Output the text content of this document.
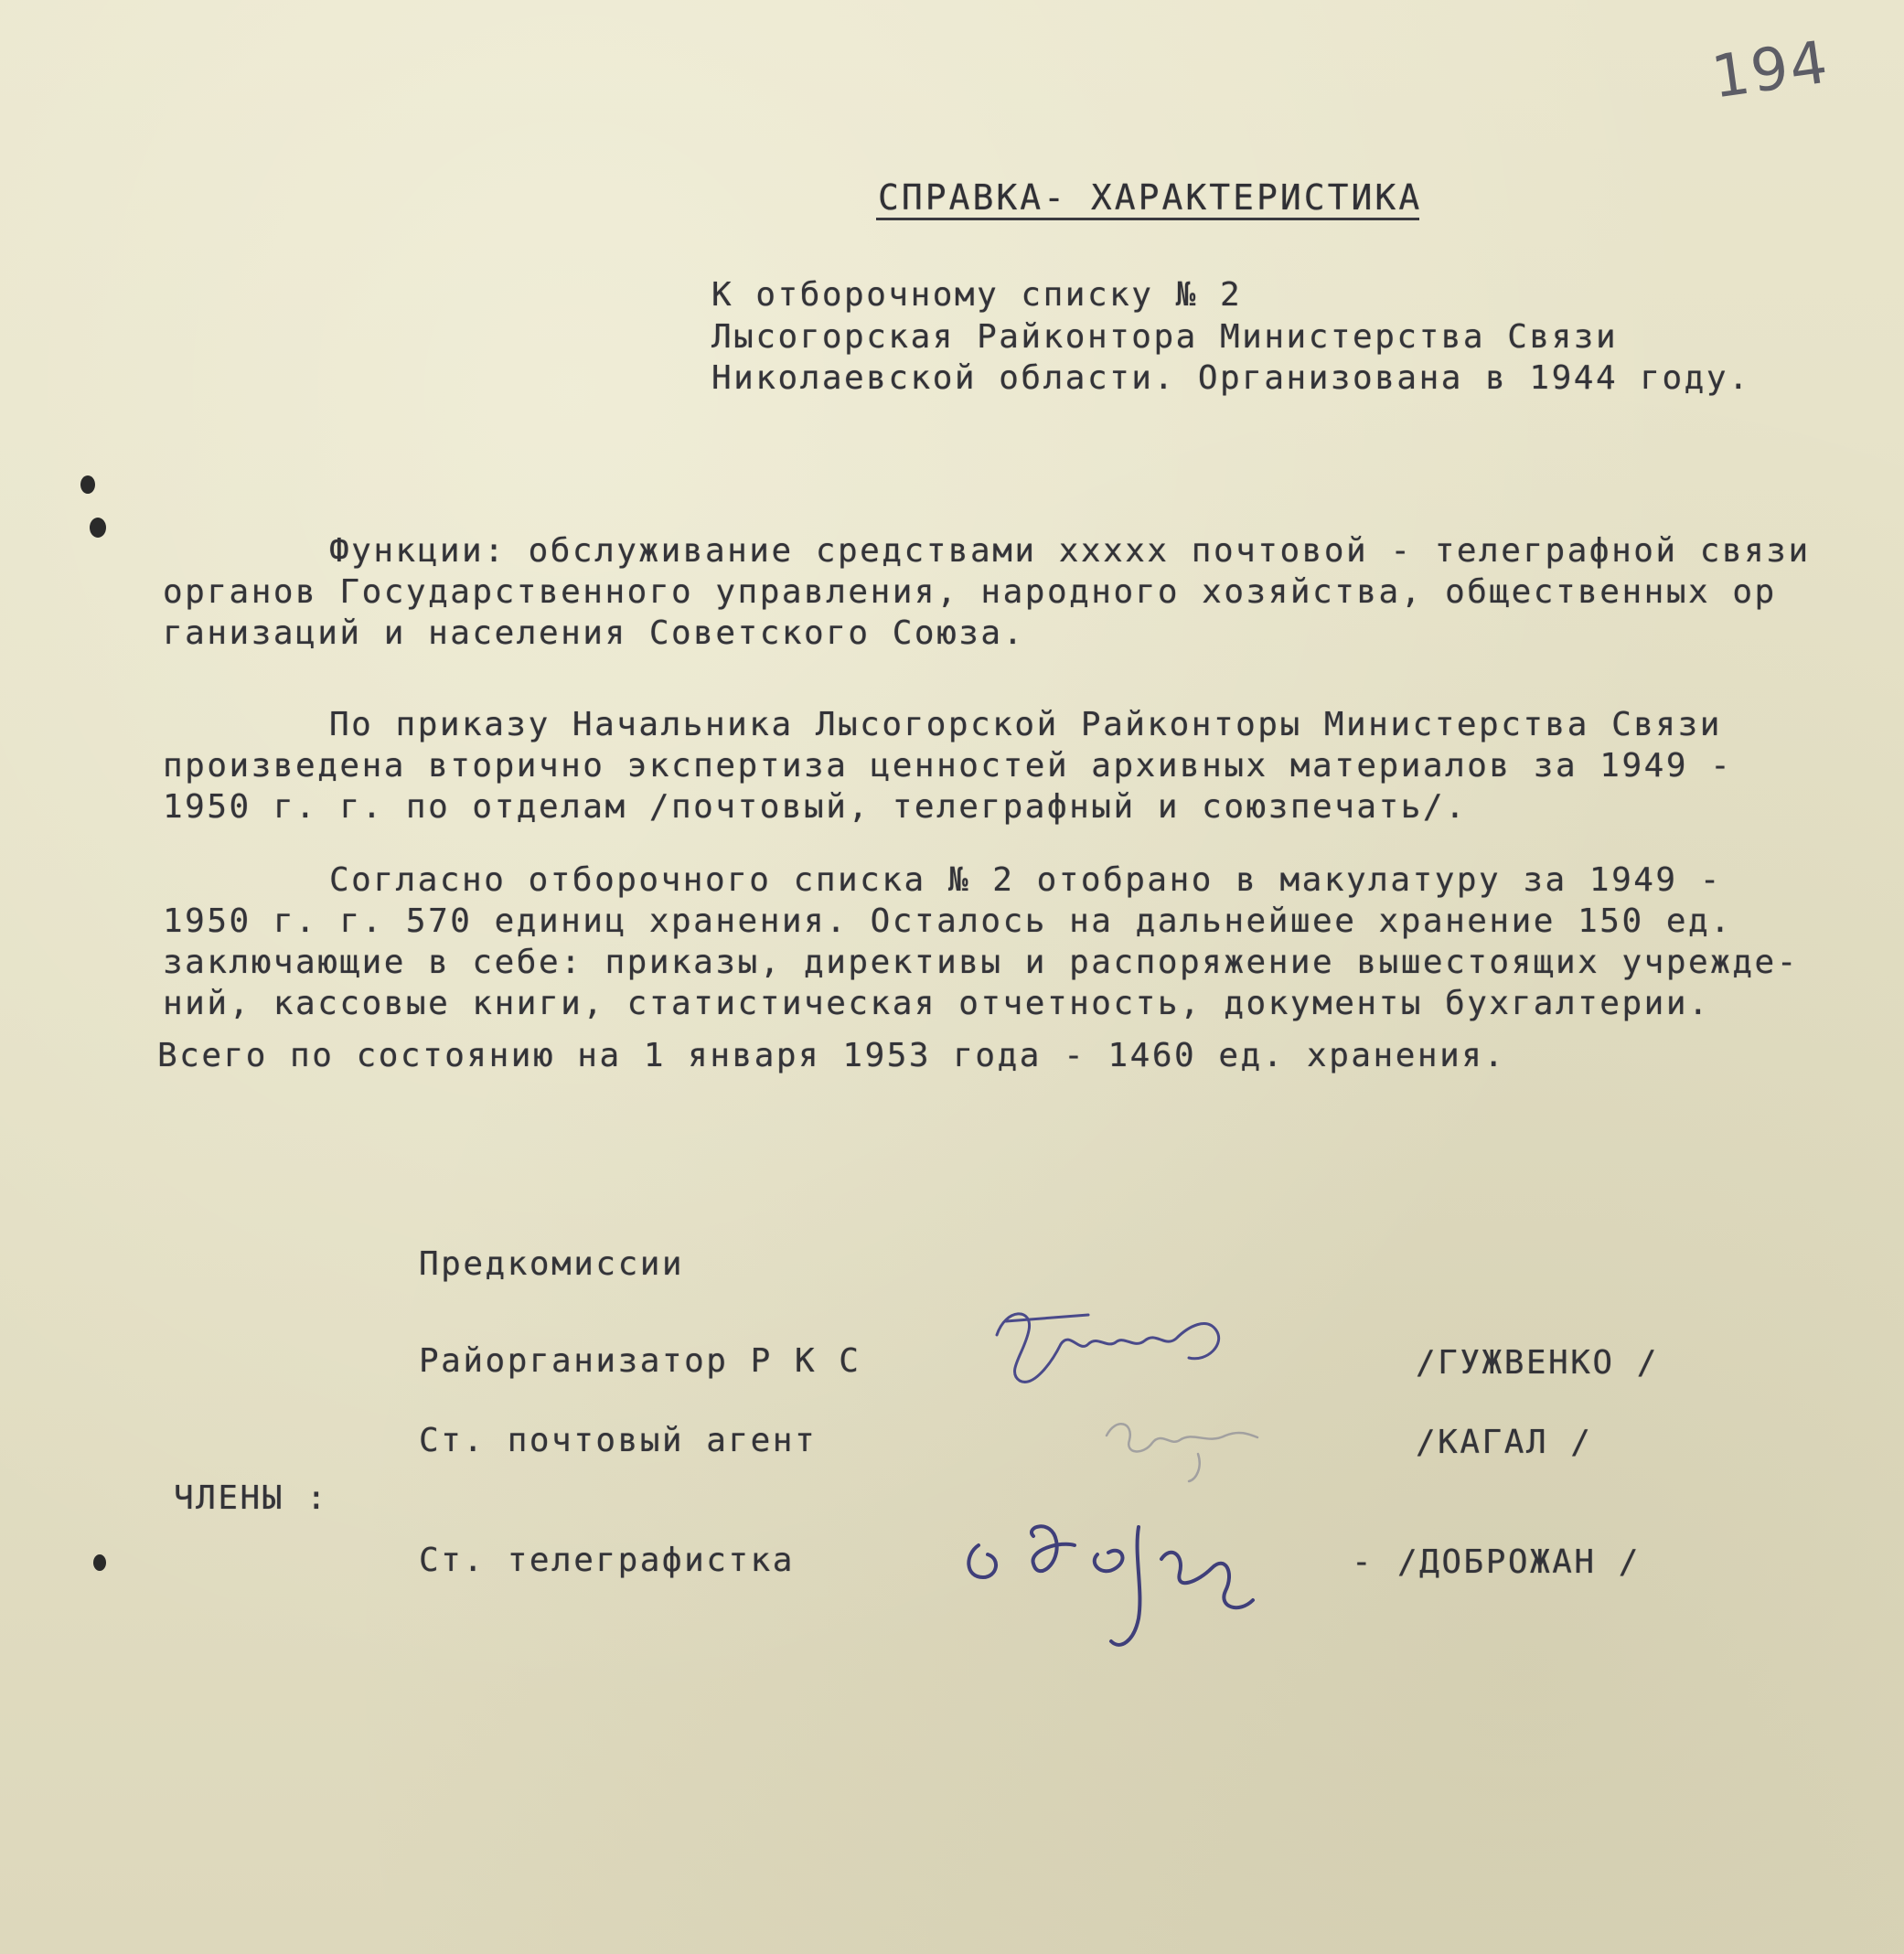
194
СПРАВКА- ХАРАКТЕРИСТИКА
К отборочному списку № 2
Лысогорская Райконтора Министерства Связи
Николаевской области. Организована в 1944 году.
Функции: обслуживание средствами xxxxx почтовой - телеграфной связи
органов Государственного управления, народного хозяйства, общественных ор
ганизаций и населения Советского Союза.
По приказу Начальника Лысогорской Райконторы Министерства Связи
произведена вторично экспертиза ценностей архивных материалов за 1949 -
1950 г. г. по отделам /почтовый, телеграфный и союзпечать/.
Согласно отборочного списка № 2 отобрано в макулатуру за 1949 -
1950 г. г. 570 единиц хранения. Осталось на дальнейшее хранение 150 ед.
заключающие в себе: приказы, директивы и распоряжение вышестоящих учрежде-
ний, кассовые книги, статистическая отчетность, документы бухгалтерии.
Всего по состоянию на 1 января 1953 года - 1460 ед. хранения.
Предкомиссии
Райорганизатор Р К С	/ГУЖВЕНКО /
Ст. почтовый агент	/КАГАЛ /
ЧЛЕНЫ :
Ст. телеграфистка	- /ДОБРОЖАН /
